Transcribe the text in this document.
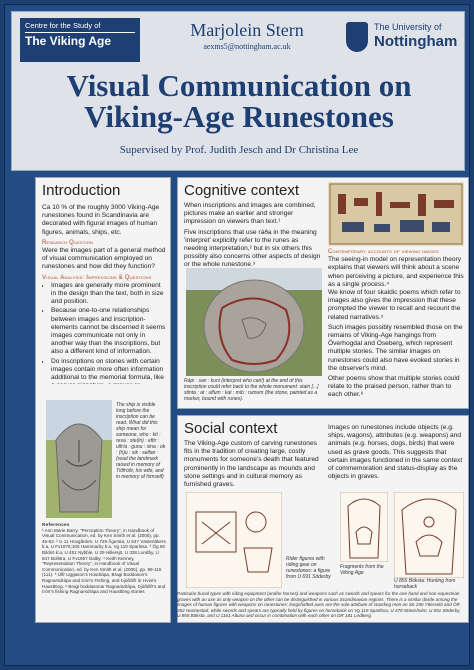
Centre for the Study of
The Viking Age
Marjolein Stern
aexms5@nottingham.ac.uk
The University of
Nottingham
Visual Communication on
Viking-Age Runestones
Supervised by Prof. Judith Jesch and Dr Christina Lee
Introduction

Ca 10 % of the roughly 3000 Viking-Age runestones found in Scandinavia are decorated with figural images of human figures, animals, ships, etc.

Research Question

Were the images part of a general method of visual communication employed on runestones and how did they function?

Visual Analysis: Impressions & Questions

• Images are generally more prominent in the design than the text, both in size and position.
• Because one-to-one relationships between images and inscription-elements cannot be discerned it seems images communicate not only in another way than the inscriptions, but also a different kind of information.
• Do inscriptions on stones with certain images contain more often information additional to the memorial formula, like
The ship is visible long before the inscription can be read. What did this ship mean for someone, who : kti : resa : ste(in) : eftir : ulfr/a : gunu : sina : ok : (h)u : sik : selfan : (read the landmark raised in memory of Tiðfröðr, his wife, and in memory of himself)
References
¹ Ann Marie Barry, "Perception Theory", in Handbook of Visual Communication, ed. by Ken Smith et al. (2005), pp. 45-62. ² U 11 Hovgården, U 729 Ågersta, U 847 Västerläkers k:a, U Fv1976;106 Harmnarby k:a, Vg 119 Sparlösa. ³ Ög 56 Bildsö k:a, U 451 Nybble, U 29 Hillersjö, U 328 Lundby, U 847 Bollöra, U Fv1957 Dalby. ⁴ Keith Kenney, "Representation Theory", in Handbook of Visual Communication, ed. by Ken Smith et al. (2005), pp. 99-115 (111). ⁵ Úlfr Uggason's Húsdrápa, Bragi Boddason's Ragnarsdrápa and Þórr's Fishing, and Þjóðólfr ór Hvini's Haustlöng. ⁶ Bragi boddasonar Ragnarsdrápa, Þjóðólfr's and Þórr's fishing Ragnarsdrápa and Haustlöng stories
Cognitive context

When inscriptions and images are combined, pictures make an earlier and stronger impression on viewers than text.¹

Five inscriptions that use ráða in the meaning 'interpret' explicitly refer to the runes as needing interpretation,² but in six others this possibly also concerns other aspects of design or the whole runestone.³

Rápi : san : kuni (interpret who can!) at the end of this inscription could refer back to the whole monument: stain [...] stinta : at : ulfum : kat : mib : rumum (the stone, painted as a marker, bound with runes).

Contemporary accounts of viewing images

The seeing-in model on representation theory explains that viewers will think about a scene when perceiving a picture, and experience this as a single process.⁴

We know of four skaldic poems which refer to images also gives the impression that these prompted the viewer to recall and recount the related narratives.⁵

Such images possibly resembled those on the remains of Viking-Age hangings from Överhogdal and Oseberg, which represent multiple stories. The similar images on runestones could also have evoked stories in the observer's mind.

Other poems show that multiple stories could relate to the praised person, rather than to each other.⁶

Social context
The Viking-Age custom of carving runestones fits in the tradition of creating large, costly monuments for someone's death that featured prominently in the landscape as mounds and stone settings and in cultural memory as furnished graves.
Images on runestones include objects (e.g. ships, wagons), attributes (e.g. weapons) and animals (e.g. horses, dogs, birds) that were used as grave goods. This suggests that certain images functioned in the same context of commemoration and status-display as the objects in graves.
Rider figures with riding gear on runestones: a figure from U 691 Söderby
Fragments from the Viking Age
U 855 Böksta: Hunting from horseback
Particular burial types with riding equipment (and/or horses) and weapons such as swords and spears for the one hand and non-equestrian graves with an axe as only weapon on the other can be distinguished in various Scandinavian regions. There is a similar divide among the images of human figures with weapons on runestones: longshafted axes are the sole attribute of standing men on Sö 190 Ytterselö and ÖR 282 Hunnestad, while swords and spears are typically held by figures on horseback on Vg 119 Sparlösa, U 478 Stävisholm, U 691 Söderby, U 855 Böksta, and U 1161 Altuna and occur in combination with each other on DR 181 Ledberg.
